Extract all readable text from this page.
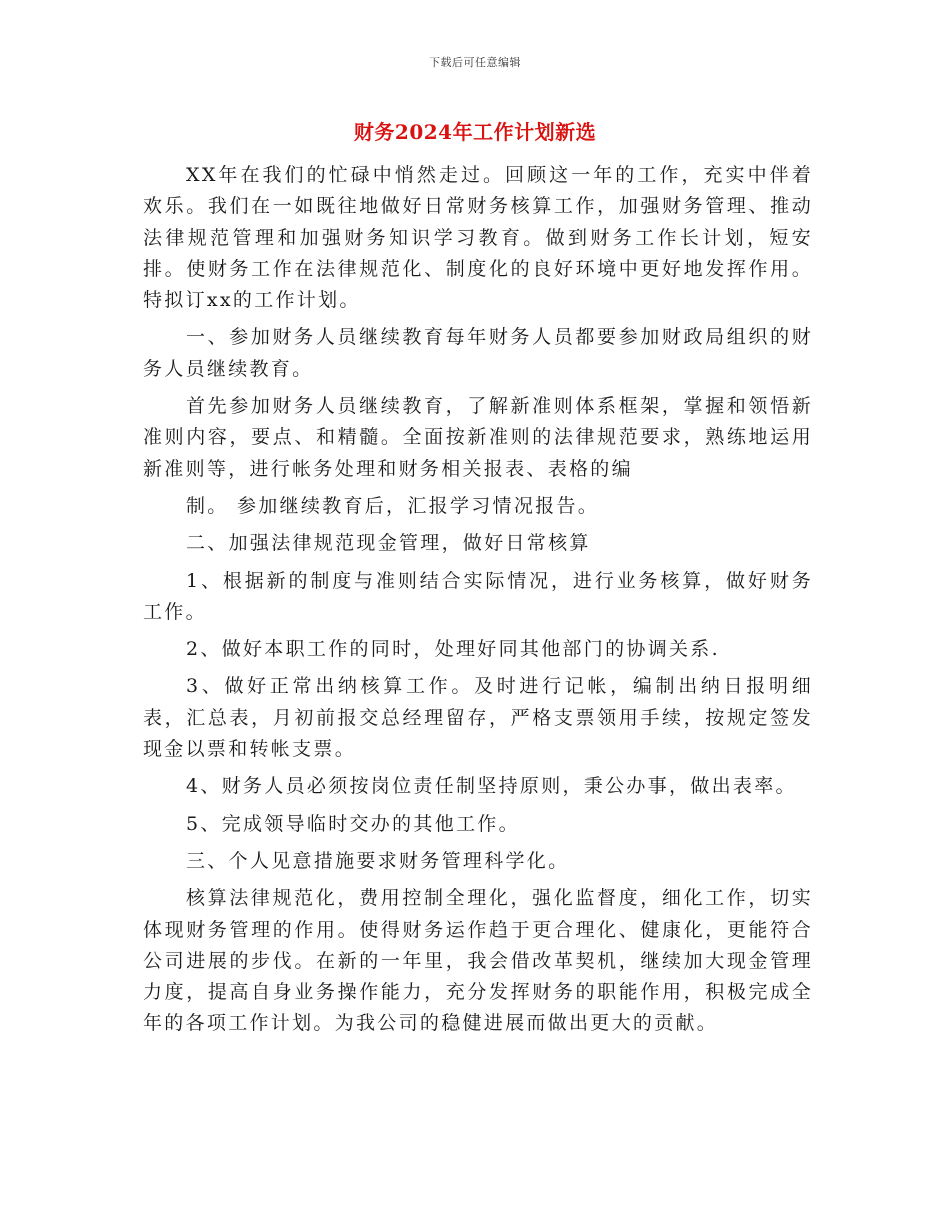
下载后可任意编辑
财务2024年工作计划新选

XX年在我们的忙碌中悄然走过。回顾这一年的工作，充实中伴着欢乐。我们在一如既往地做好日常财务核算工作，加强财务管理、推动法律规范管理和加强财务知识学习教育。做到财务工作长计划，短安排。使财务工作在法律规范化、制度化的良好环境中更好地发挥作用。特拟订xx的工作计划。

一、参加财务人员继续教育每年财务人员都要参加财政局组织的财务人员继续教育。

首先参加财务人员继续教育，了解新准则体系框架，掌握和领悟新准则内容，要点、和精髓。全面按新准则的法律规范要求，熟练地运用新准则等，进行帐务处理和财务相关报表、表格的编

制。 参加继续教育后，汇报学习情况报告。

二、加强法律规范现金管理，做好日常核算

1、根据新的制度与准则结合实际情况，进行业务核算，做好财务工作。

2、做好本职工作的同时，处理好同其他部门的协调关系.

3、做好正常出纳核算工作。及时进行记帐，编制出纳日报明细表，汇总表，月初前报交总经理留存，严格支票领用手续，按规定签发现金以票和转帐支票。

4、财务人员必须按岗位责任制坚持原则，秉公办事，做出表率。

5、完成领导临时交办的其他工作。

三、个人见意措施要求财务管理科学化。

核算法律规范化，费用控制全理化，强化监督度，细化工作，切实体现财务管理的作用。使得财务运作趋于更合理化、健康化，更能符合公司进展的步伐。在新的一年里，我会借改革契机，继续加大现金管理力度，提高自身业务操作能力，充分发挥财务的职能作用，积极完成全年的各项工作计划。为我公司的稳健进展而做出更大的贡献。
